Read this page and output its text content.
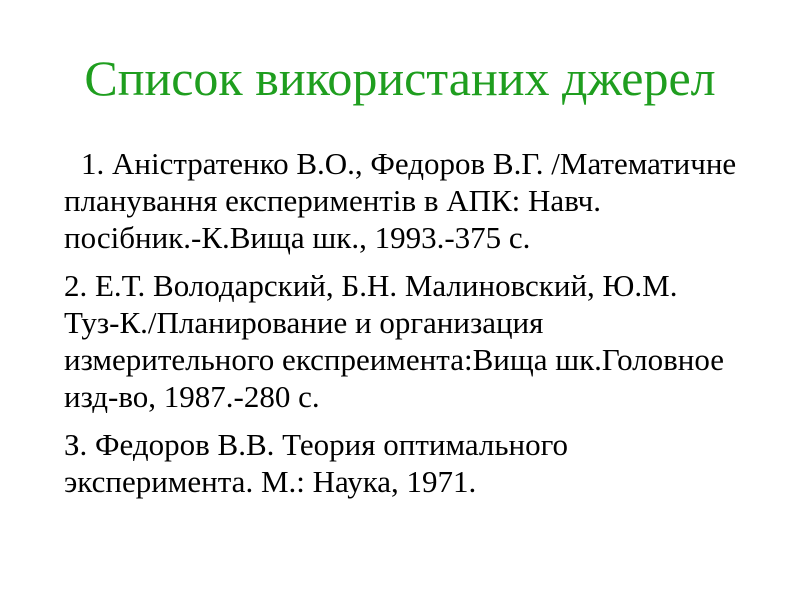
Список використаних джерел
1. Аністратенко В.О., Федоров В.Г. /Математичне
планування експериментів в АПК: Навч.
посібник.-К.Вища шк., 1993.-375 с.
2. Е.Т. Володарский, Б.Н. Малиновский, Ю.М.
Туз-К./Планирование и организация
измерительного експреимента:Вища шк.Головное
изд-во, 1987.-280 с.
З. Федоров В.В. Теория оптимального
эксперимента. М.: Наука, 1971.
